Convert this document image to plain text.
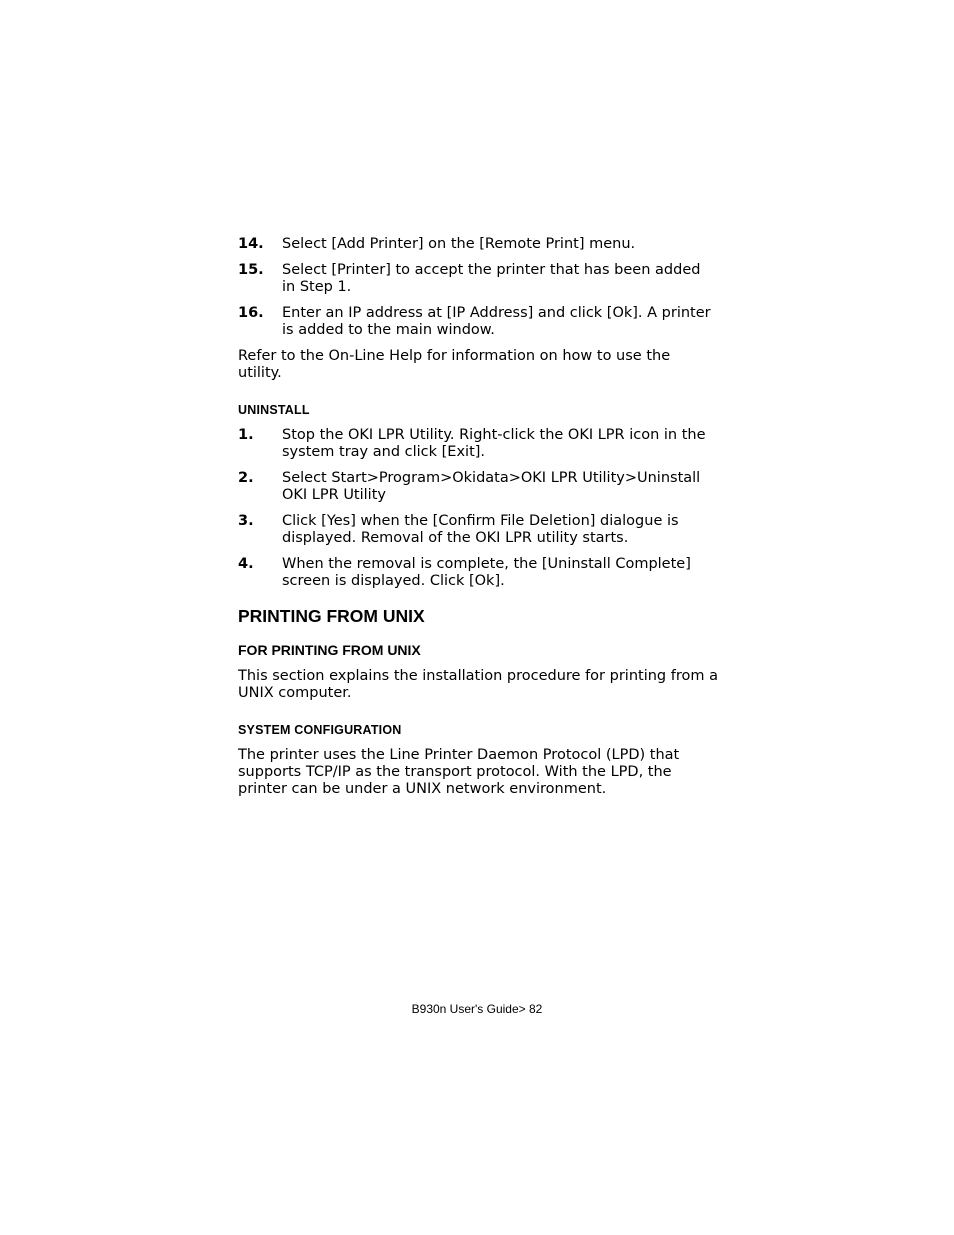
14.	Select [Add Printer] on the [Remote Print] menu.
15.	Select [Printer] to accept the printer that has been added in Step 1.
16.	Enter an IP address at [IP Address] and click [Ok]. A printer is added to the main window.

Refer to the On-Line Help for information on how to use the utility.

UNINSTALL
1.	Stop the OKI LPR Utility. Right-click the OKI LPR icon in the system tray and click [Exit].
2.	Select Start>Program>Okidata>OKI LPR Utility>Uninstall OKI LPR Utility
3.	Click [Yes] when the [Confirm File Deletion] dialogue is displayed. Removal of the OKI LPR utility starts.
4.	When the removal is complete, the [Uninstall Complete] screen is displayed. Click [Ok].
PRINTING FROM UNIX
FOR PRINTING FROM UNIX

This section explains the installation procedure for printing from a UNIX computer.

SYSTEM CONFIGURATION

The printer uses the Line Printer Daemon Protocol (LPD) that supports TCP/IP as the transport protocol. With the LPD, the printer can be under a UNIX network environment.

B930n User's Guide> 82
